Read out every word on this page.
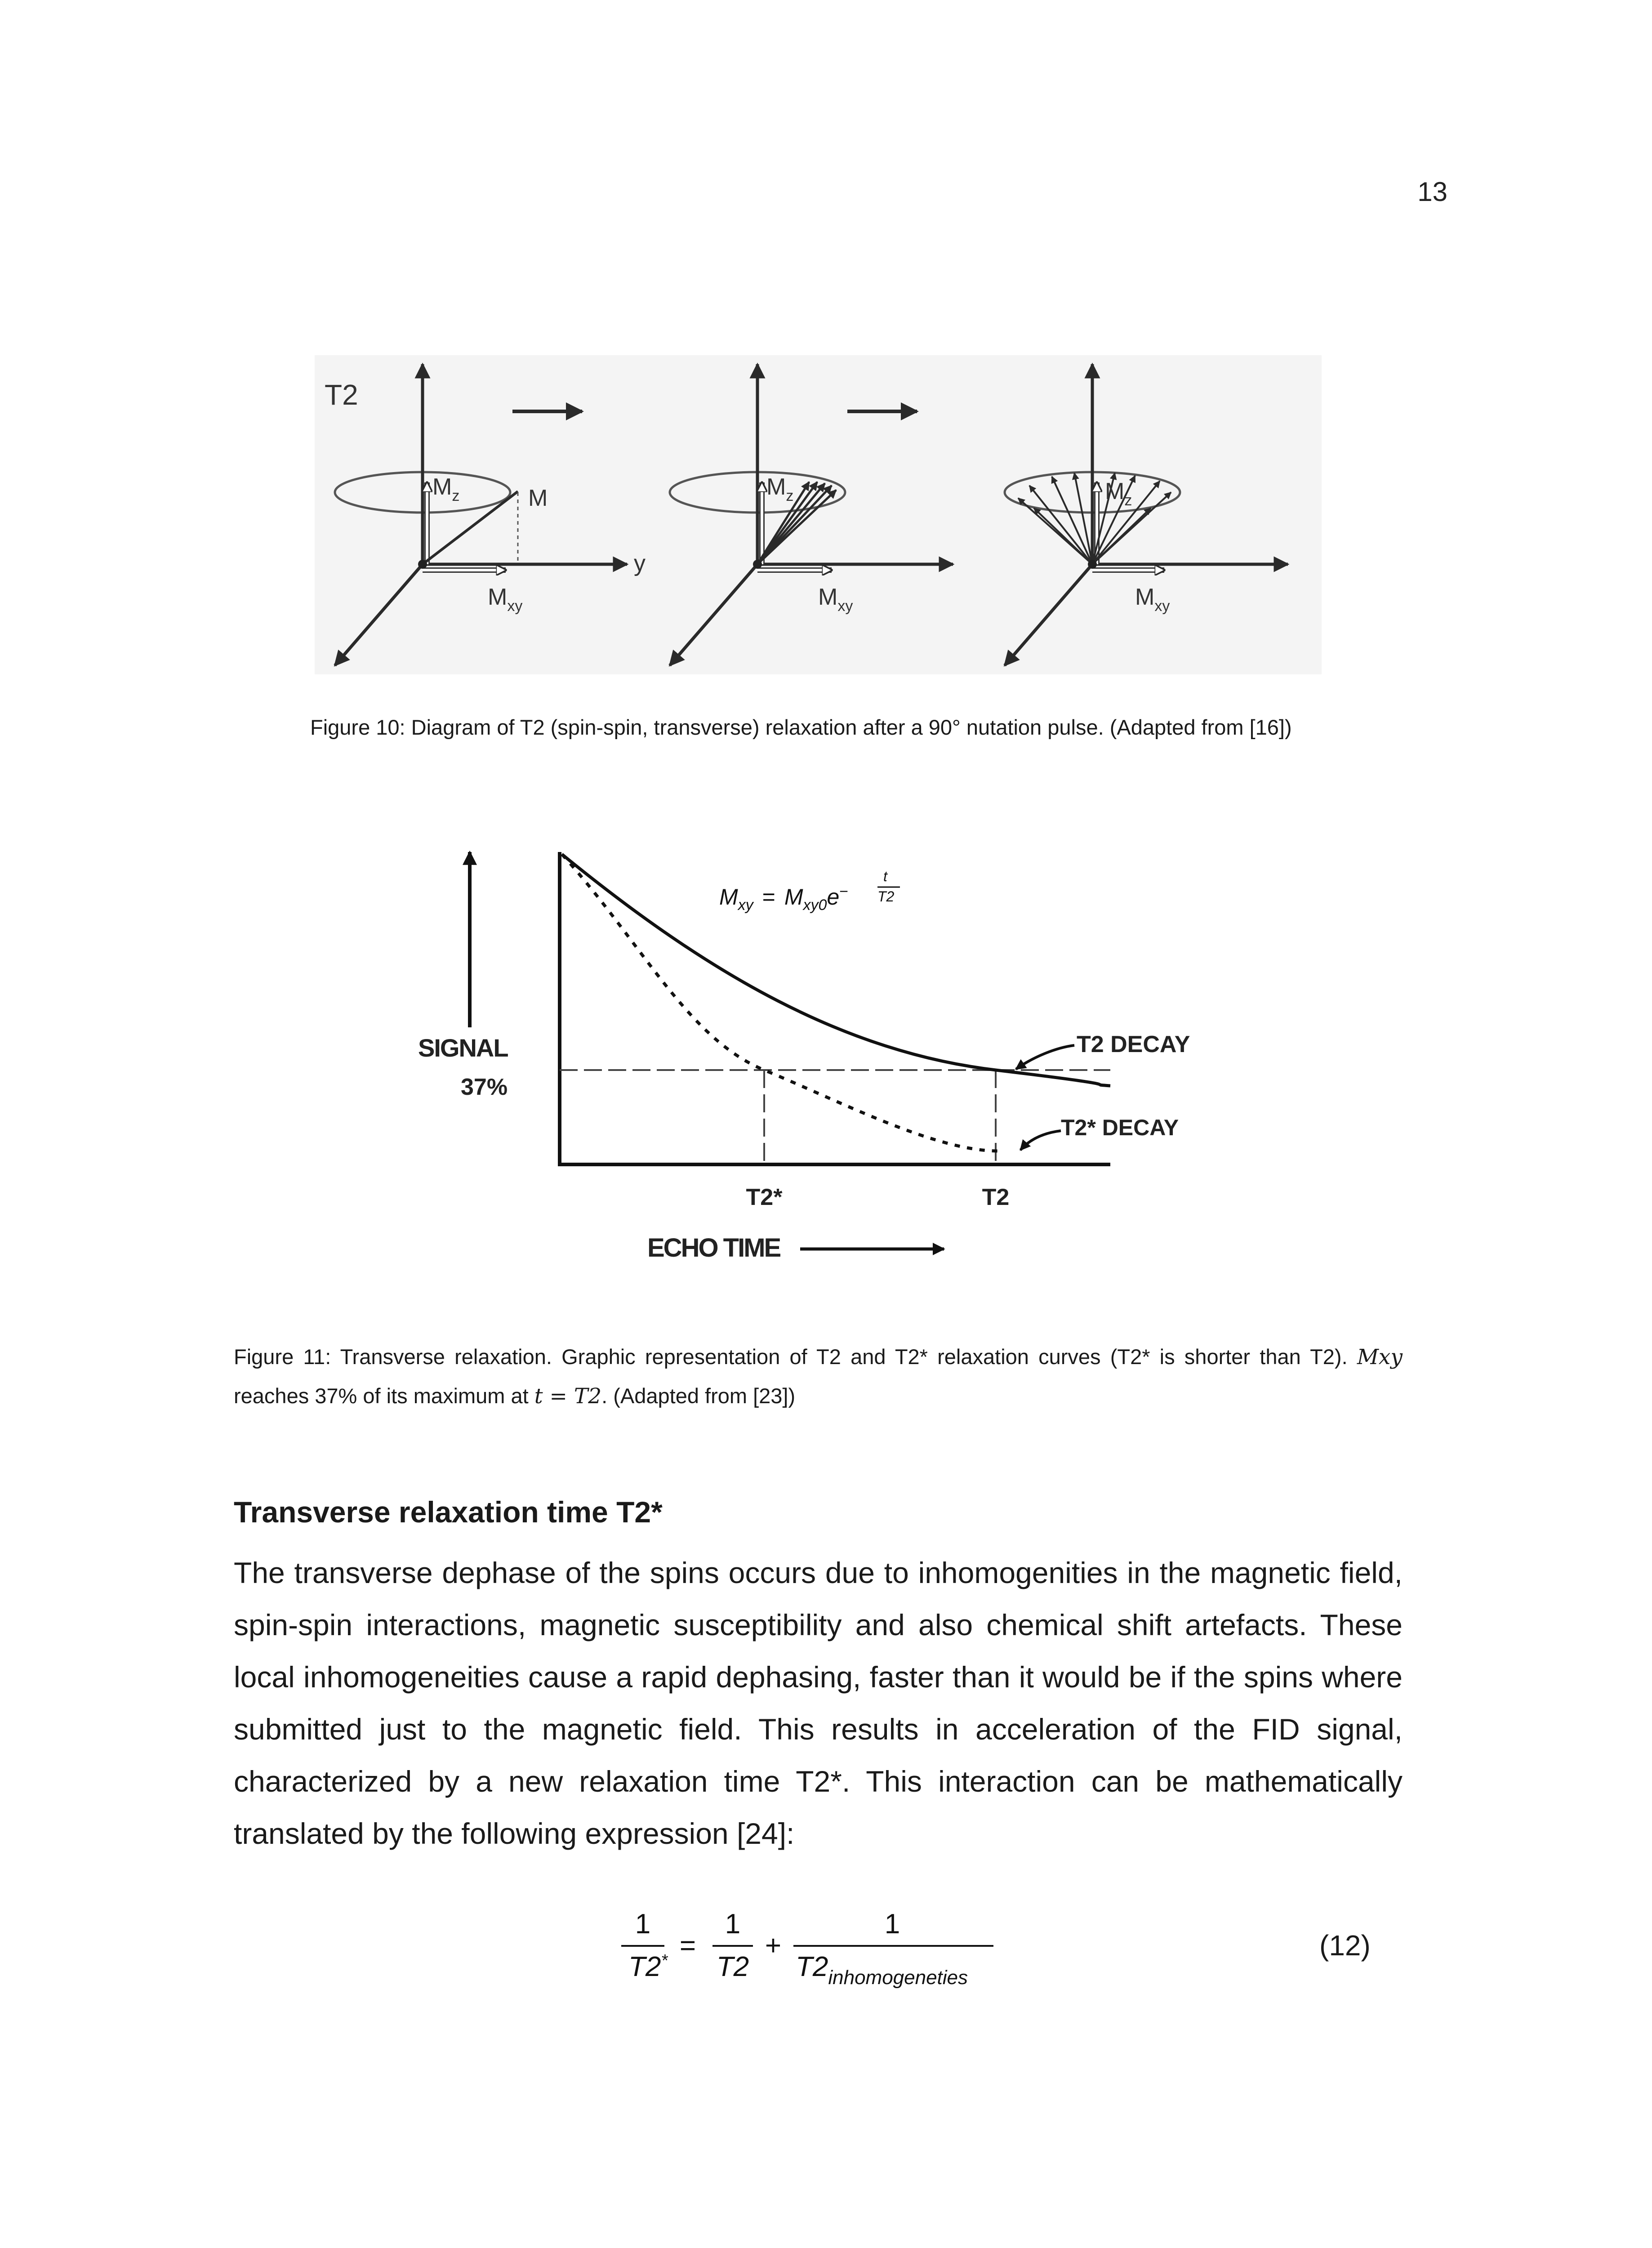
13
T2
$M_z$	M
y
$M_{xy}$
$M_z$
$M_{xy}$
$M_z$
$M_{xy}$
Figure 10: Diagram of T2 (spin-spin, transverse) relaxation after a 90° nutation pulse. (Adapted from [16])
$M_{xy} = M_{xy0}e^-$
t
T2
SIGNAL
37%
T2 DECAY
T2* DECAY
T2*	T2
ECHO TIME
Figure 11: Transverse relaxation. Graphic representation of T2 and T2* relaxation curves (T2* is shorter than T2). Mxy reaches 37% of its maximum at t = T2. (Adapted from [23])
Transverse relaxation time T2*

The transverse dephase of the spins occurs due to inhomogenities in the magnetic field, spin-spin interactions, magnetic susceptibility and also chemical shift artefacts. These local inhomogeneities cause a rapid dephasing, faster than it would be if the spins where submitted just to the magnetic field. This results in acceleration of the FID signal, characterized by a new relaxation time T2*. This interaction can be mathematically translated by the following expression [24]:

1
T2* =
1
T2
+
1
$T2_{inhomogeneties}$
(12)
